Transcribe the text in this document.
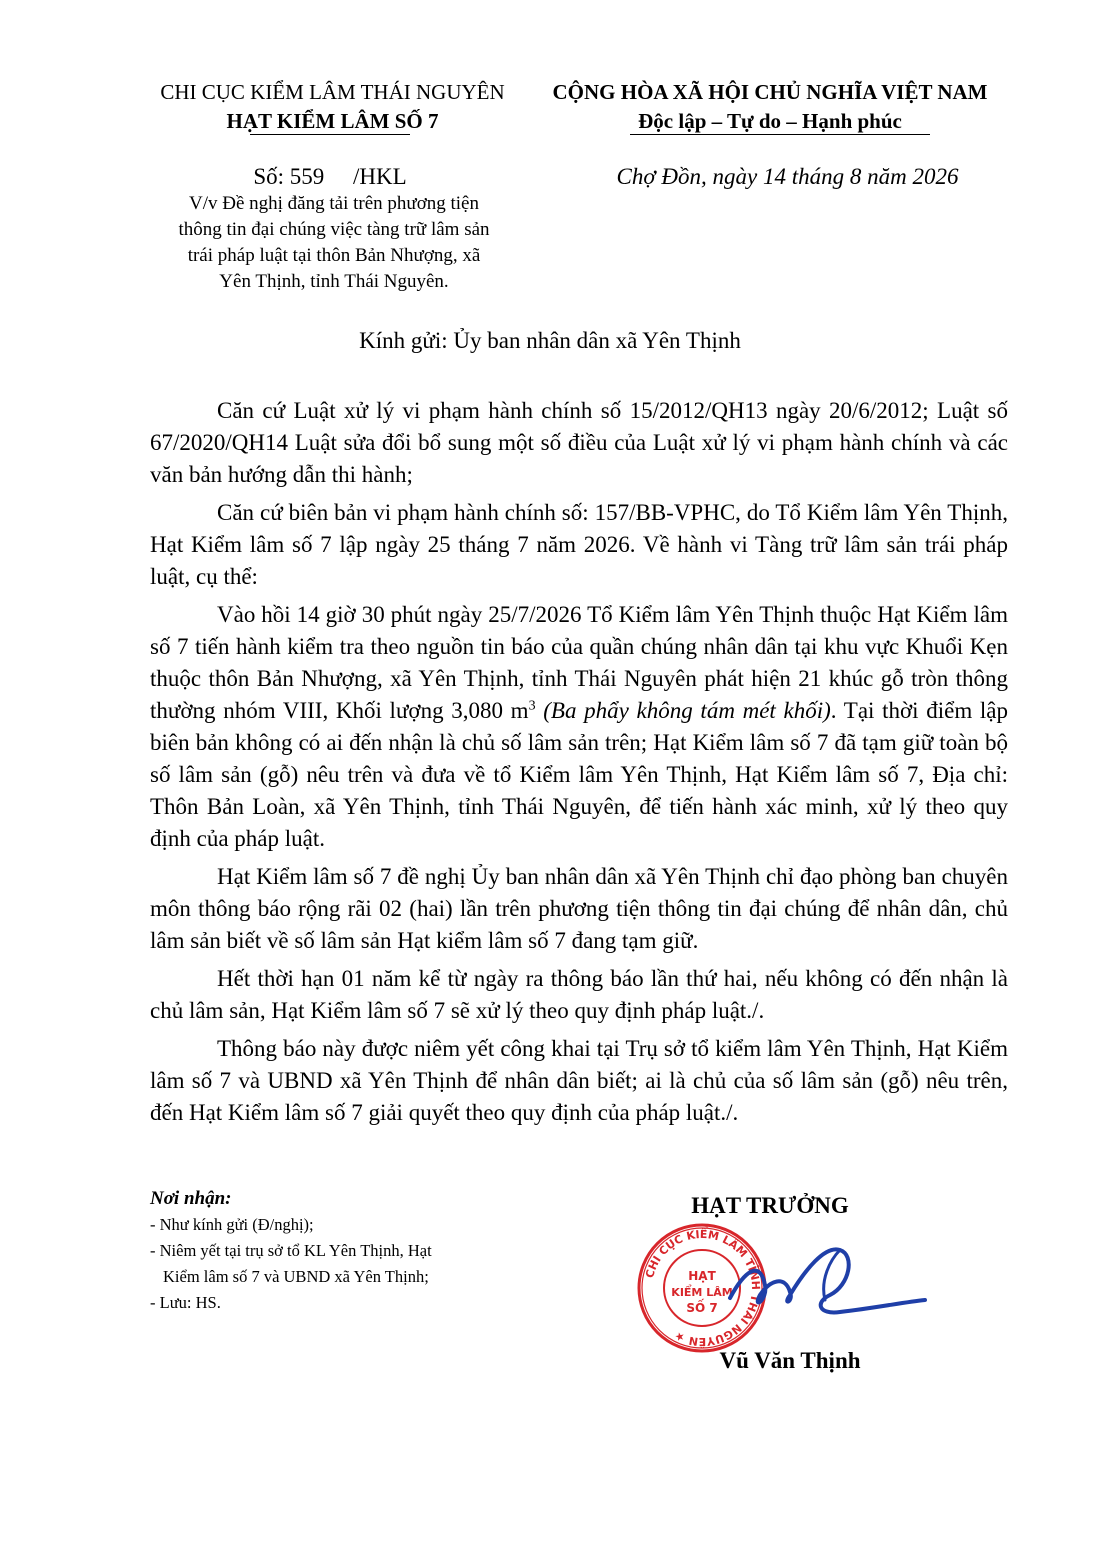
CHI CỤC KIỂM LÂM THÁI NGUYÊN
HẠT KIỂM LÂM SỐ 7
CỘNG HÒA XÃ HỘI CHỦ NGHĨA VIỆT NAM
Độc lập – Tự do – Hạnh phúc
Số: 559     /HKL
V/v Đề nghị đăng tải trên phương tiện
thông tin đại chúng việc tàng trữ lâm sản
trái pháp luật tại thôn Bản Nhượng, xã
Yên Thịnh, tỉnh Thái Nguyên.
Chợ Đồn, ngày 14 tháng 8 năm 2026
Kính gửi: Ủy ban nhân dân xã Yên Thịnh

Căn cứ Luật xử lý vi phạm hành chính số 15/2012/QH13 ngày 20/6/2012; Luật số 67/2020/QH14 Luật sửa đổi bổ sung một số điều của Luật xử lý vi phạm hành chính và các văn bản hướng dẫn thi hành;

Căn cứ biên bản vi phạm hành chính số: 157/BB-VPHC, do Tổ Kiểm lâm Yên Thịnh, Hạt Kiểm lâm số 7 lập ngày 25 tháng 7 năm 2026. Về hành vi Tàng trữ lâm sản trái pháp luật, cụ thể:

Vào hồi 14 giờ 30 phút ngày 25/7/2026 Tổ Kiểm lâm Yên Thịnh thuộc Hạt Kiểm lâm số 7 tiến hành kiểm tra theo nguồn tin báo của quần chúng nhân dân tại khu vực Khuổi Kẹn thuộc thôn Bản Nhượng, xã Yên Thịnh, tỉnh Thái Nguyên phát hiện 21 khúc gỗ tròn thông thường nhóm VIII, Khối lượng 3,080 $m^3$ (Ba phẩy không tám mét khối). Tại thời điểm lập biên bản không có ai đến nhận là chủ số lâm sản trên; Hạt Kiểm lâm số 7 đã tạm giữ toàn bộ số lâm sản (gỗ) nêu trên và đưa về tổ Kiểm lâm Yên Thịnh, Hạt Kiểm lâm số 7, Địa chỉ: Thôn Bản Loàn, xã Yên Thịnh, tỉnh Thái Nguyên, để tiến hành xác minh, xử lý theo quy định của pháp luật.

Hạt Kiểm lâm số 7 đề nghị Ủy ban nhân dân xã Yên Thịnh chỉ đạo phòng ban chuyên môn thông báo rộng rãi 02 (hai) lần trên phương tiện thông tin đại chúng để nhân dân, chủ lâm sản biết về số lâm sản Hạt kiểm lâm số 7 đang tạm giữ.

Hết thời hạn 01 năm kể từ ngày ra thông báo lần thứ hai, nếu không có đến nhận là chủ lâm sản, Hạt Kiểm lâm số 7 sẽ xử lý theo quy định pháp luật./.

Thông báo này được niêm yết công khai tại Trụ sở tổ kiểm lâm Yên Thịnh, Hạt Kiểm lâm số 7 và UBND xã Yên Thịnh để nhân dân biết; ai là chủ của số lâm sản (gỗ) nêu trên, đến Hạt Kiểm lâm số 7 giải quyết theo quy định của pháp luật./.

Nơi nhận:
- Như kính gửi (Đ/nghị);
- Niêm yết tại trụ sở tổ KL Yên Thịnh, Hạt
Kiểm lâm số 7 và UBND xã Yên Thịnh;
- Lưu: HS.
HẠT TRƯỞNG
CHI CỤC KIỂM LÂM TỈNH THÁI NGUYÊN ★
HẠT
KIỂM LÂM
SỐ 7
Vũ Văn Thịnh
